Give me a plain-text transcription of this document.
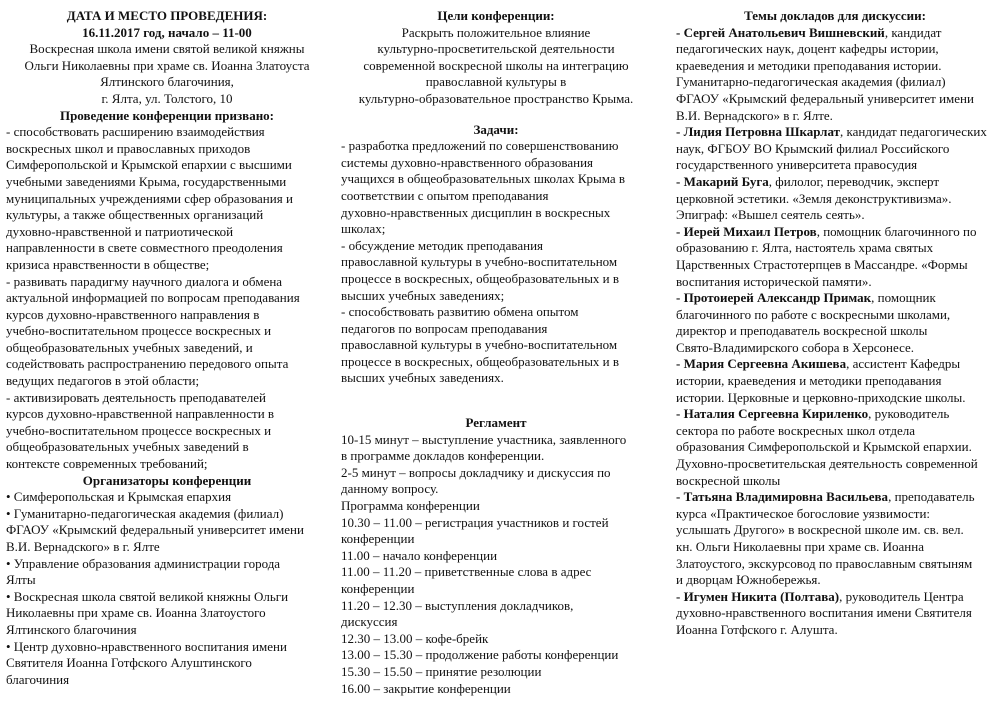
ДАТА И МЕСТО ПРОВЕДЕНИЯ:
16.11.2017 год, начало – 11-00
Воскресная школа имени святой великой княжны
Ольги Николаевны при храме св. Иоанна Златоуста
Ялтинского благочиния,
г. Ялта, ул. Толстого, 10
Проведение конференции призвано:
- способствовать расширению взаимодействия
воскресных школ и православных приходов
Симферопольской и Крымской епархии с высшими
учебными заведениями Крыма, государственными
муниципальных учреждениями сфер образования и
культуры, а также общественных организаций
духовно-нравственной и патриотической
направленности в свете совместного преодоления
кризиса нравственности в обществе;
- развивать парадигму научного диалога и обмена
актуальной информацией по вопросам преподавания
курсов духовно-нравственного направления в
учебно-воспитательном процессе воскресных и
общеобразовательных учебных заведений, и
содействовать распространению передового опыта
ведущих педагогов в этой области;
- активизировать деятельность преподавателей
курсов духовно-нравственной направленности в
учебно-воспитательном процессе воскресных и
общеобразовательных учебных заведений в
контексте современных требований;
Организаторы конференции
• Симферопольская и Крымская епархия
• Гуманитарно-педагогическая академия (филиал)
ФГАОУ «Крымский федеральный университет имени
В.И. Вернадского» в г. Ялте
• Управление образования администрации города
Ялты
• Воскресная школа святой великой княжны Ольги
Николаевны при храме св. Иоанна Златоустого
Ялтинского благочиния
• Центр духовно-нравственного воспитания имени
Святителя Иоанна Готфского Алуштинского
благочиния
Цели конференции:
Раскрыть положительное влияние
культурно-просветительской деятельности
современной воскресной школы на интеграцию
православной культуры в
культурно-образовательное пространство Крыма.
Задачи:
- разработка предложений по совершенствованию
системы духовно-нравственного образования
учащихся в общеобразовательных школах Крыма в
соответствии с опытом преподавания
духовно-нравственных дисциплин в воскресных
школах;
- обсуждение методик преподавания
православной культуры в учебно-воспитательном
процессе в воскресных, общеобразовательных и в
высших учебных заведениях;
- способствовать развитию обмена опытом
педагогов по вопросам преподавания
православной культуры в учебно-воспитательном
процессе в воскресных, общеобразовательных и в
высших учебных заведениях.
Регламент
10-15 минут – выступление участника, заявленного
в программе докладов конференции.
2-5 минут – вопросы докладчику и дискуссия по
данному вопросу.
Программа конференции
10.30 – 11.00 – регистрация участников и гостей
конференции
11.00 – начало конференции
11.00 – 11.20 – приветственные слова в адрес
конференции
11.20 – 12.30 – выступления докладчиков,
дискуссия
12.30 – 13.00 – кофе-брейк
13.00 – 15.30 – продолжение работы конференции
15.30 – 15.50 – принятие резолюции
16.00 – закрытие конференции
Темы докладов для дискуссии:
- Сергей Анатольевич Вишневский, кандидат
педагогических наук, доцент кафедры истории,
краеведения и методики преподавания истории.
Гуманитарно-педагогическая академия (филиал)
ФГАОУ «Крымский федеральный университет имени
В.И. Вернадского» в г. Ялте.
- Лидия Петровна Шкарлат, кандидат педагогических
наук, ФГБОУ ВО Крымский филиал Российского
государственного университета правосудия
- Макарий Буга, филолог, переводчик, эксперт
церковной эстетики. «Земля деконструктивизма».
Эпиграф: «Вышел сеятель сеять».
- Иерей Михаил Петров, помощник благочинного по
образованию г. Ялта, настоятель храма святых
Царственных Страстотерпцев в Массандре. «Формы
воспитания исторической памяти».
- Протоиерей Александр Примак, помощник
благочинного по работе с воскресными школами,
директор и преподаватель воскресной школы
Свято-Владимирского собора в Херсонесе.
- Мария Сергеевна Акишева, ассистент Кафедры
истории, краеведения и методики преподавания
истории. Церковные и церковно-приходские школы.
- Наталия Сергеевна Кириленко, руководитель
сектора по работе воскресных школ отдела
образования Симферопольской и Крымской епархии.
Духовно-просветительская деятельность современной
воскресной школы
- Татьяна Владимировна Васильева, преподаватель
курса «Практическое богословие уязвимости:
услышать Другого» в воскресной школе им. св. вел.
кн. Ольги Николаевны при храме св. Иоанна
Златоустого, экскурсовод по православным святыням
и дворцам Южнобережья.
- Игумен Никита (Полтава), руководитель Центра
духовно-нравственного воспитания имени Святителя
Иоанна Готфского г. Алушта.
